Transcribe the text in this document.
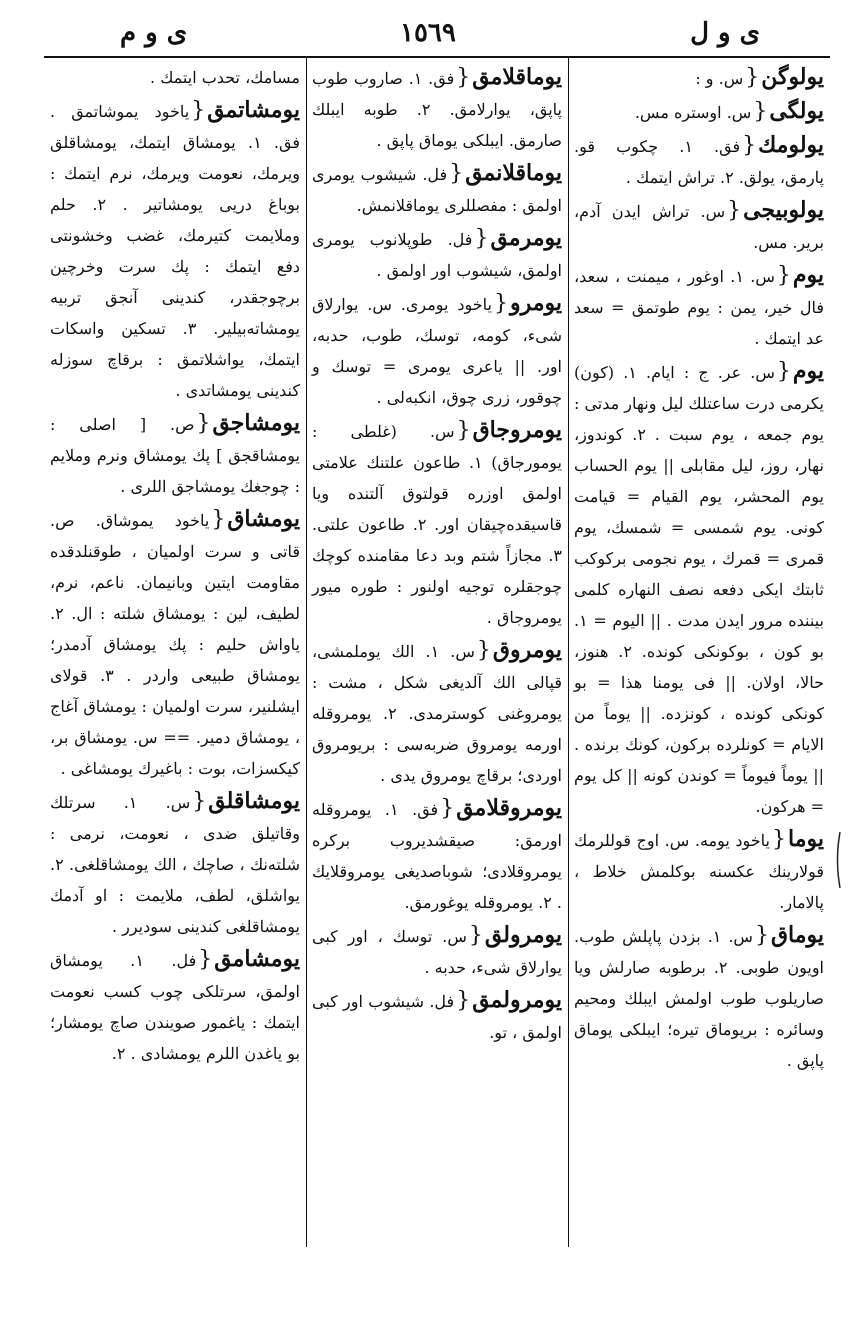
ی و م	١٥٦٩	ی و ل

يولوگن{س. و :

يولگی{س. اوستره مس.

يولومك{فق. ١. چكوب قو. پارمق، يولق. ٢. تراش ايتمك .

يولوبيجی{س. تراش ايدن آدم، برير. مس.

يوم{س. ١. اوغور ، ميمنت ، سعد، فال خير، يمن : يوم طوتمق = سعد عد ايتمك .

يوم{س. عر. ج : ايام. ١. (كون) يكرمی درت ساعتلك ليل ونهار مدتی : يوم جمعه ، يوم سبت . ٢. كوندوز، نهار، روز، ليل مقابلی || يوم الحساب يوم المحشر، يوم القيام = قيامت كونی. يوم شمسی = شمسك، يوم قمری = قمرك ، يوم نجومی بركوكب ثابتك ايكی دفعه نصف النهاره كلمی بيننده مرور ايدن مدت . || اليوم = ١. بو كون ، بوكونكی كونده. ٢. هنوز، حالا، اولان. || فی يومنا هذا = بو كونكی كونده ، كونزده. || يوماً من الايام = كونلرده بركون، كونك برنده . || يوماً فيوماً = كوندن كونه || كل يوم = هركون.

يوما{ياخود يومه. س. اوج قوللرمك قولارينك عكسنه بوكلمش خلاط ، پالامار.

يوماق{س. ١. بزدن پاپلش طوب. اويون طوبی. ٢. برطوبه صارلش ويا صاريلوب طوب اولمش ايبلك ومحيم وسائره : بريوماق تيره؛ ايبلكی يوماق پاپق .

يوماقلامق{فق. ١. صاروب طوب پاپق، يوارلامق. ٢. طوبه ايبلك صارمق. ايبلكی يوماق پاپق .

يوماقلانمق{فل. شيشوب يومری اولمق : مفصللری يوماقلانمش.

يومرمق{فل. طوپلانوب يومری اولمق، شيشوب اور اولمق .

يومرو{ياخود يومری. س. يوارلاق شیء، كومه، توسك، طوب، حدبه، اور. || ياعری يومری = توسك و چوقور، زری چوق، انكبه‌لی .

يومروجاق{س. (غلطی : يومورجاق) ١. طاعون علتنك علامتی اولمق اوزره قولتوق آلتنده ويا قاسيقده‌چيقان اور. ٢. طاعون علتی. ٣. مجازاً شتم وبد دعا مقامنده كوچك چوجقلره توجيه اولنور : طوره ميور يومروجاق .

يومروق{س. ١. الك يوملمشی، قپالی الك آلدیغی شكل ، مشت : يومروغنی كوسترمدی. ٢. يومروقله اورمه يومروق ضربه‌سی : بريومروق اوردی؛ برقاچ يومروق يدی .

يومروقلامق{فق. ١. يومروقله اورمق: صيقشديروب بركره يومروقلادی؛ شوباصديغی يومروقلايك . ٢. يومروقله يوغورمق.

يومرولق{س. توسك ، اور كبی يوارلاق شیء، حدبه .

يومرولمق{فل. شيشوب اور كبی اولمق ، تو.

مسامك، تحدب ايتمك .

يومشاتمق{ياخود يموشاتمق . فق. ١. يومشاق ايتمك، يومشاقلق ويرمك، نعومت ويرمك، نرم ايتمك : بوباغ دريی يومشاتير . ٢. حلم وملايمت كتيرمك، غضب وخشونتی دفع ايتمك : پك سرت وخرچين برچوجقدر، كندينی آنجق تربيه يومشاته‌بيلير. ٣. تسكين واسكات ايتمك، يواشلاتمق : برقاچ سوزله كندينی يومشاتدی .

يومشاجق{ص. [ اصلی : يومشاقجق ] پك يومشاق ونرم وملايم : چوجغك يومشاجق اللری .

يومشاق{ياخود يموشاق. ص. قاتی و سرت اولميان ، طوقنلدقده مقاومت ايتين وبانيمان. ناعم، نرم، لطيف، لين : يومشاق شلته : ال. ٢. ياواش حليم : پك يومشاق آدمدر؛ يومشاق طبيعی واردر . ٣. قولای ايشلنير، سرت اولميان : يومشاق آغاج ، يومشاق دمير. == س. يومشاق بر، كيكسزات، بوت : باغيرك يومشاغی .

يومشاقلق{س. ١. سرتلك وقاتيلق ضدی ، نعومت، نرمی : شلته‌نك ، صاچك ، الك يومشاقلغی. ٢. يواشلق، لطف، ملايمت : او آدمك يومشاقلغی كندينی سوديرر .

يومشامق{فل. ١. يومشاق اولمق، سرتلكی چوب كسب نعومت ايتمك : ياغمور صويندن صاچ يومشار؛ بو ياغدن اللرم يومشادی . ٢.
